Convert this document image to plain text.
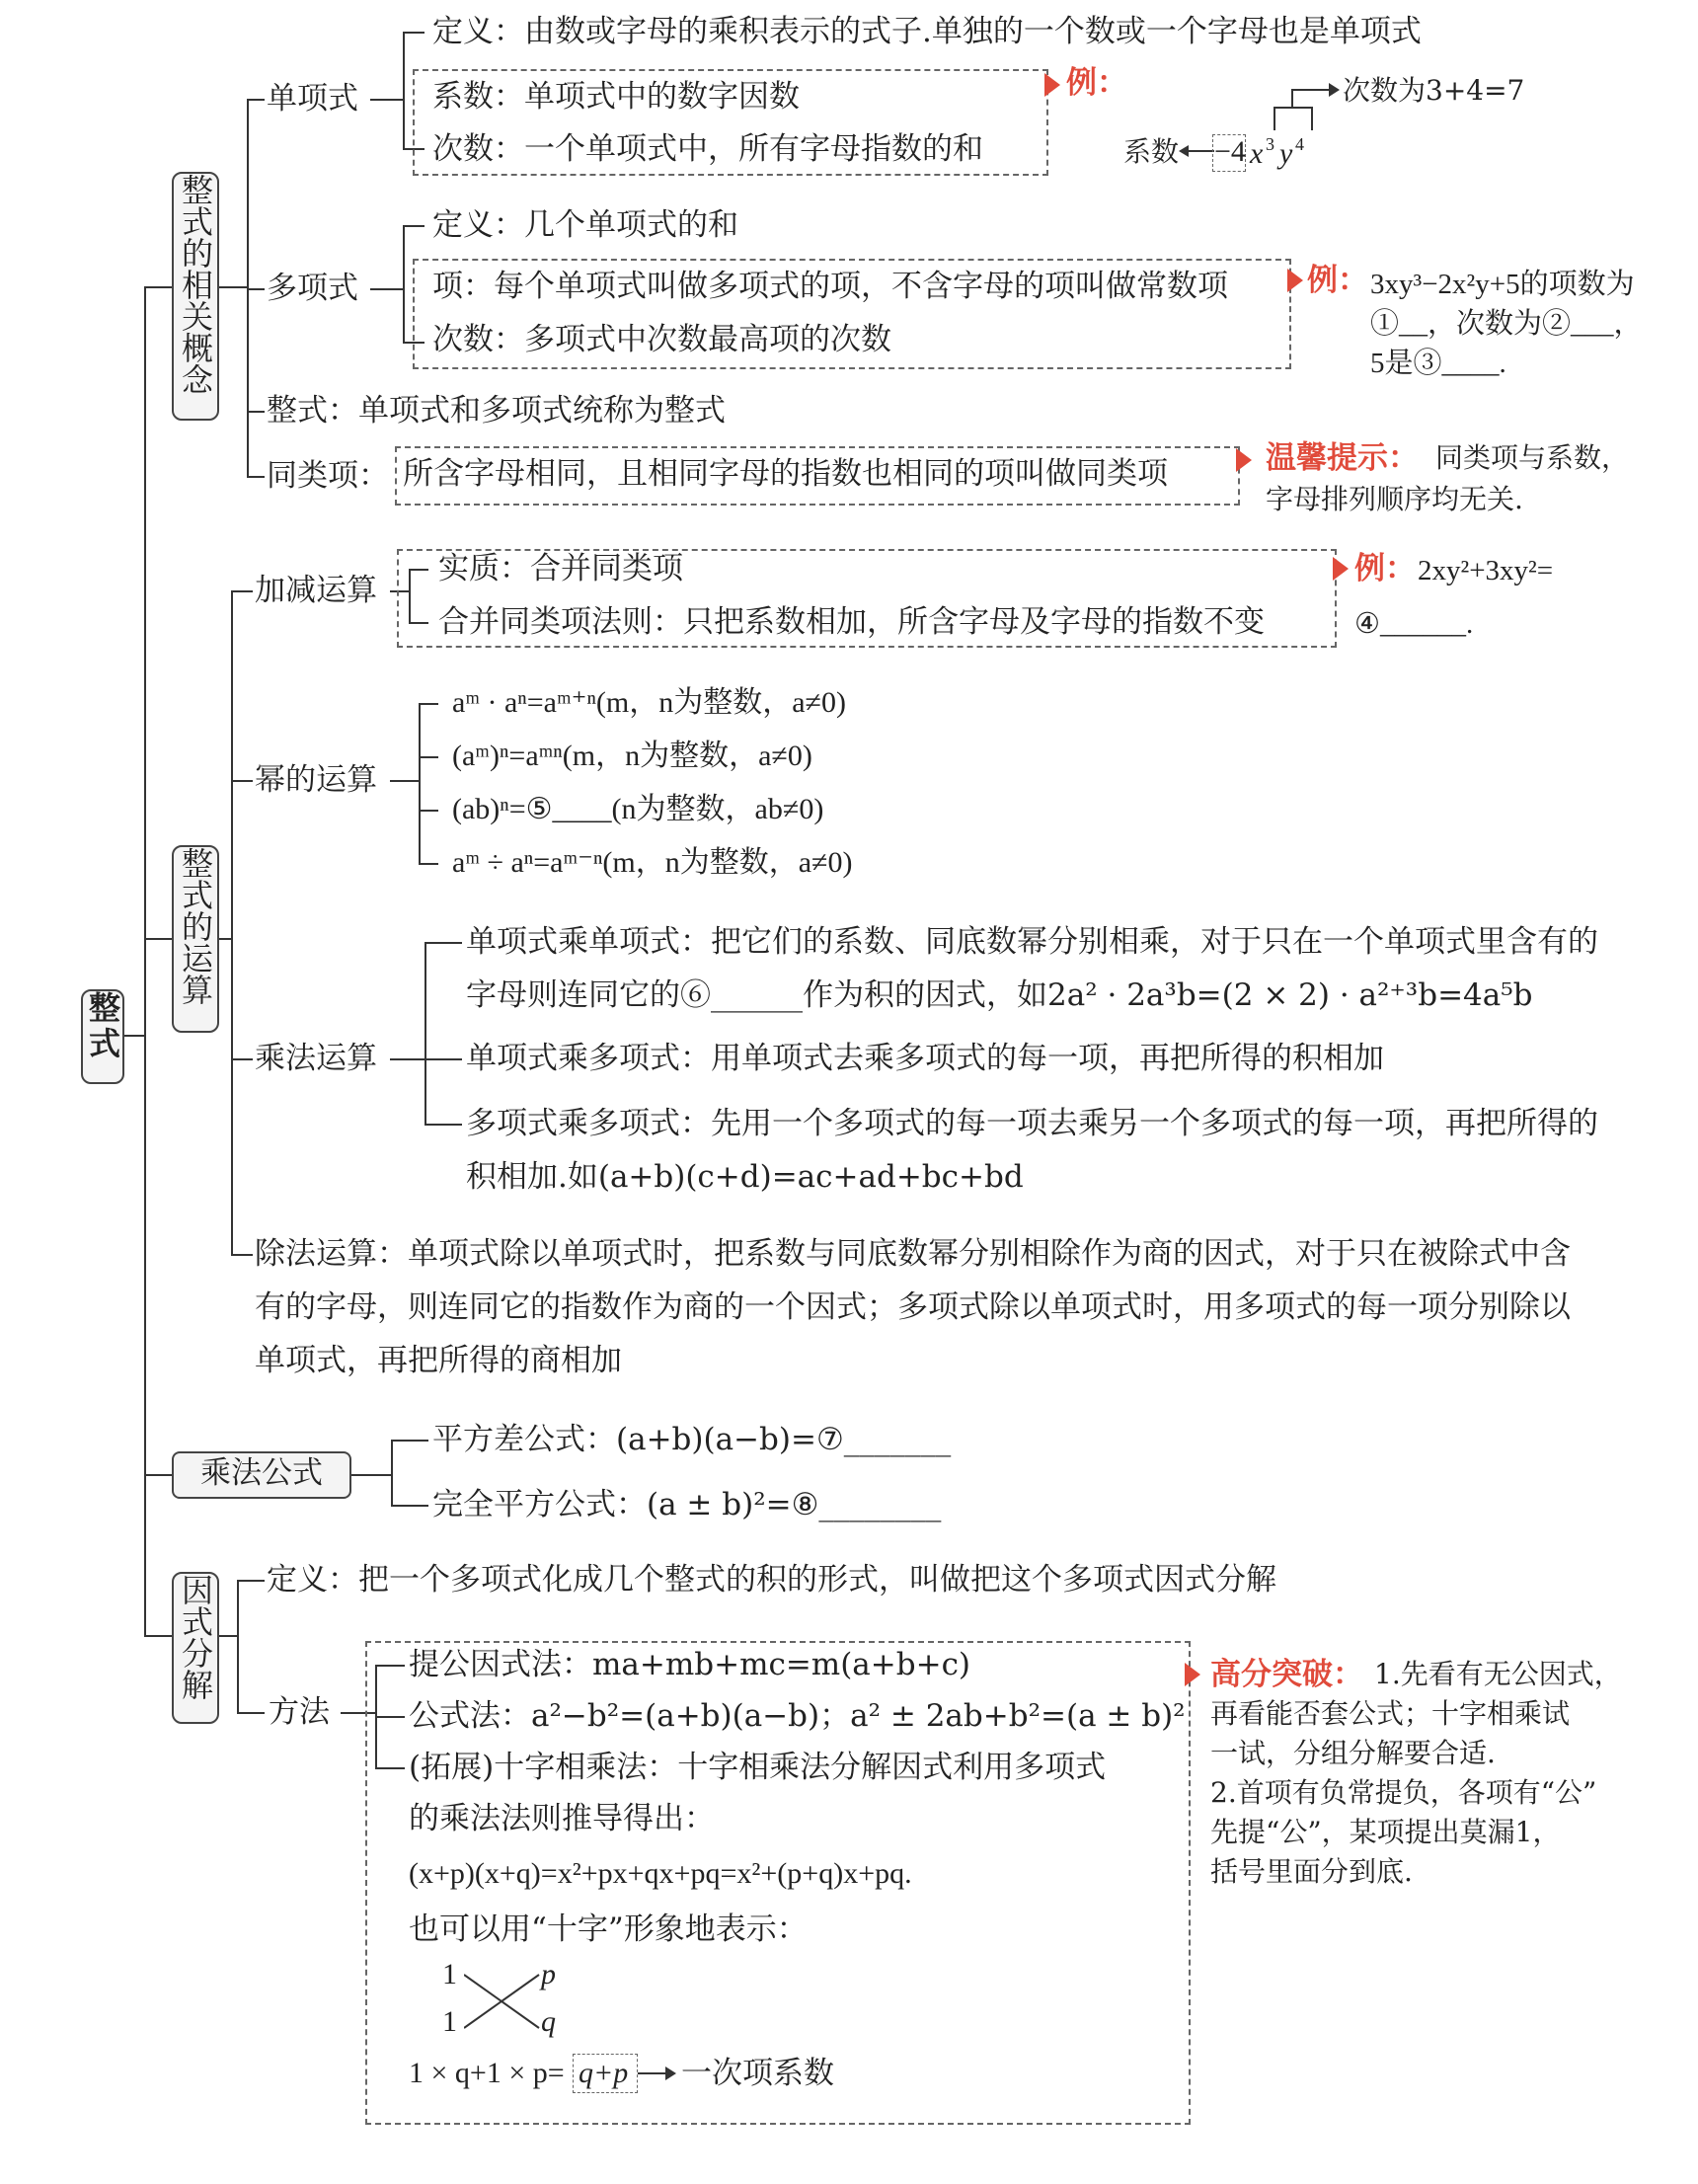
整式
整式的相关概念
整式的运算
乘法公式
因式分解
单项式
定义：由数或字母的乘积表示的式子.单独的一个数或一个字母也是单项式
系数：单项式中的数字因数
次数：一个单项式中，所有字母指数的和
例：	次数为3+4=7
系数 −4 x 3 y 4
多项式
定义：几个单项式的和
项：每个单项式叫做多项式的项，不含字母的项叫做常数项
次数：多项式中次数最高项的次数
例： 3xy³−2x²y+5的项数为
①__，次数为②___，
5是③____.
整式：单项式和多项式统称为整式
同类项： 所含字母相同，且相同字母的指数也相同的项叫做同类项	温馨提示： 同类项与系数，
字母排列顺序均无关.
加减运算
实质：合并同类项
合并同类项法则：只把系数相加，所含字母及字母的指数不变
例： 2xy²+3xy²=
④______.
幂的运算
aᵐ · aⁿ=aᵐ⁺ⁿ(m，n为整数，a≠0)
(aᵐ)ⁿ=aᵐⁿ(m，n为整数，a≠0)
(ab)ⁿ=⑤____(n为整数，ab≠0)
aᵐ ÷ aⁿ=aᵐ⁻ⁿ(m，n为整数，a≠0)
乘法运算
单项式乘单项式：把它们的系数、同底数幂分别相乘，对于只在一个单项式里含有的
字母则连同它的⑥______作为积的因式，如2a² · 2a³b=(2 × 2) · a²⁺³b=4a⁵b
单项式乘多项式：用单项式去乘多项式的每一项，再把所得的积相加
多项式乘多项式：先用一个多项式的每一项去乘另一个多项式的每一项，再把所得的
积相加.如(a+b)(c+d)=ac+ad+bc+bd
除法运算：单项式除以单项式时，把系数与同底数幂分别相除作为商的因式，对于只在被除式中含
有的字母，则连同它的指数作为商的一个因式；多项式除以单项式时，用多项式的每一项分别除以
单项式，再把所得的商相加
平方差公式：(a+b)(a−b)=⑦_______
完全平方公式：(a ± b)²=⑧________
定义：把一个多项式化成几个整式的积的形式，叫做把这个多项式因式分解
方法
提公因式法：ma+mb+mc=m(a+b+c)
公式法：a²−b²=(a+b)(a−b)；a² ± 2ab+b²=(a ± b)²
(拓展)十字相乘法：十字相乘法分解因式利用多项式
的乘法法则推导得出：
(x+p)(x+q)=x²+px+qx+pq=x²+(p+q)x+pq.
也可以用“十字”形象地表示：
1
1
p
q
1 × q+1 × p= q+p 一次项系数
高分突破： 1.先看有无公因式，
再看能否套公式；十字相乘试
一试，分组分解要合适.
2.首项有负常提负，各项有“公”
先提“公”，某项提出莫漏1，
括号里面分到底.
